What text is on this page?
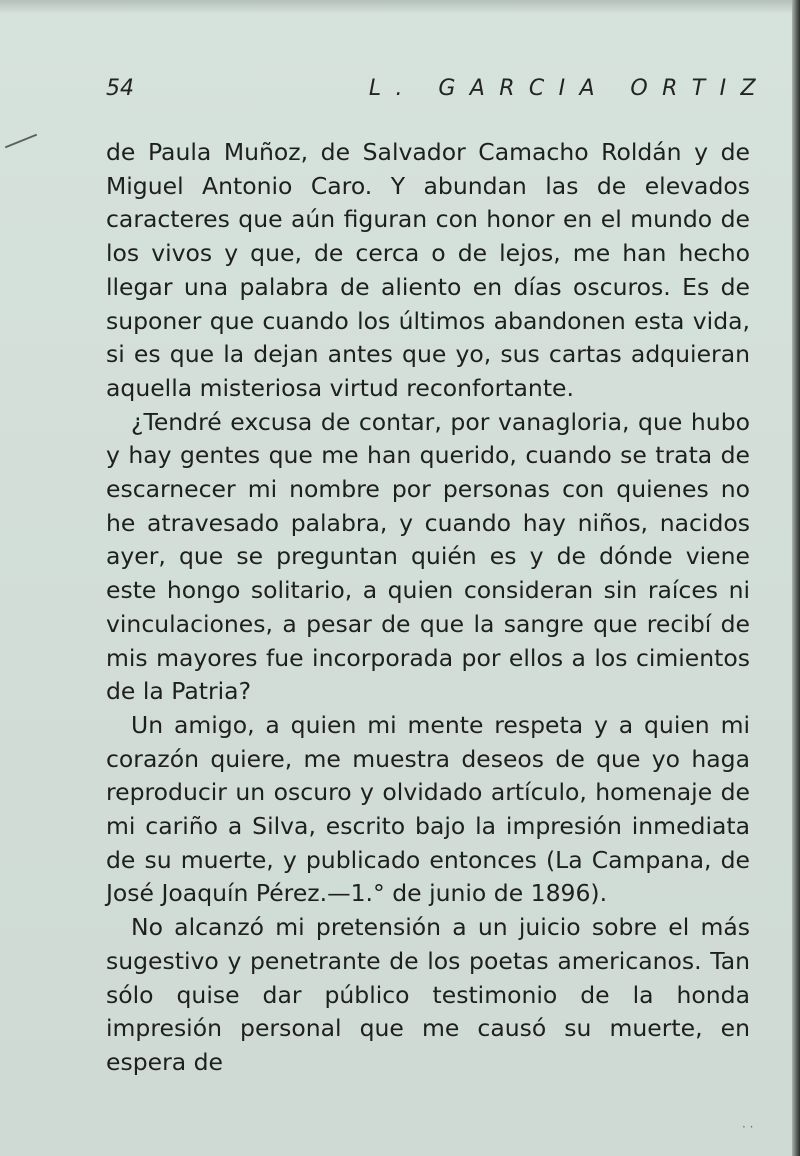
54	L. GARCIA ORTIZ

de Paula Muñoz, de Salvador Camacho Roldán y de Miguel Antonio Caro. Y abundan las de elevados caracteres que aún figuran con honor en el mundo de los vivos y que, de cerca o de lejos, me han hecho llegar una palabra de aliento en días oscuros. Es de suponer que cuando los últimos abandonen esta vida, si es que la dejan antes que yo, sus cartas adquieran aquella misteriosa virtud reconfortante.

¿Tendré excusa de contar, por vanagloria, que hubo y hay gentes que me han querido, cuando se trata de escarnecer mi nombre por personas con quienes no he atravesado palabra, y cuando hay niños, nacidos ayer, que se preguntan quién es y de dónde viene este hongo solitario, a quien consideran sin raíces ni vinculaciones, a pesar de que la sangre que recibí de mis mayores fue incorporada por ellos a los cimientos de la Patria?

Un amigo, a quien mi mente respeta y a quien mi corazón quiere, me muestra deseos de que yo haga reproducir un oscuro y olvidado artículo, homenaje de mi cariño a Silva, escrito bajo la impresión inmediata de su muerte, y publicado entonces (La Campana, de José Joaquín Pérez.—1.° de junio de 1896).

No alcanzó mi pretensión a un juicio sobre el más sugestivo y penetrante de los poetas americanos. Tan sólo quise dar público testimonio de la honda impresión personal que me causó su muerte, en espera de

· ·
